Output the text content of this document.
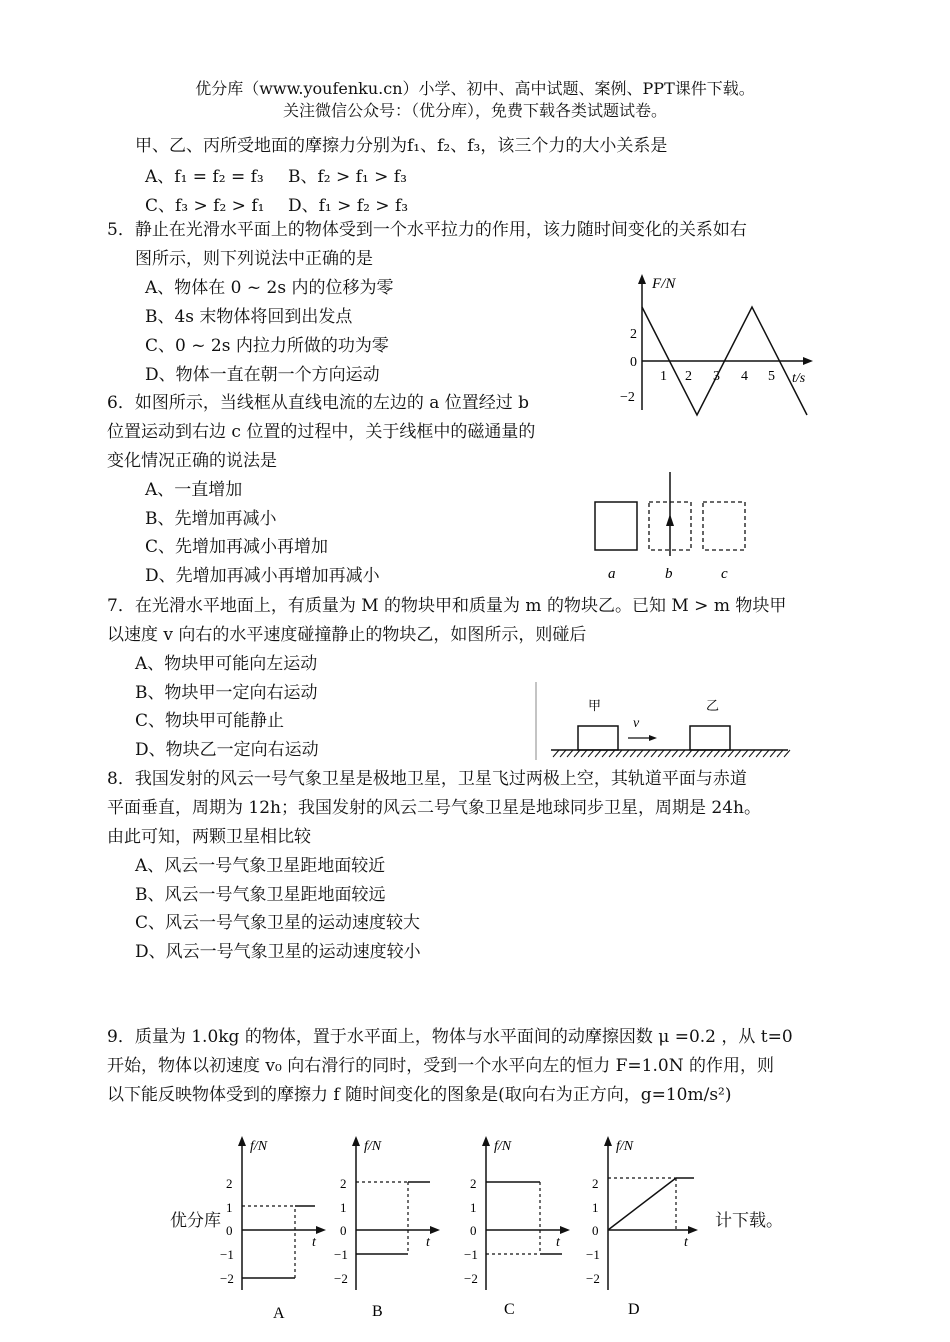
优分库（www.youfenku.cn）小学、初中、高中试题、案例、PPT课件下载。
关注微信公众号：（优分库），免费下载各类试题试卷。
甲、乙、丙所受地面的摩擦力分别为f₁、f₂、f₃，该三个力的大小关系是
A、f₁ = f₂ = f₃ B、f₂ > f₁ > f₃
C、f₃ > f₂ > f₁ D、f₁ > f₂ > f₃
5．静止在光滑水平面上的物体受到一个水平拉力的作用，该力随时间变化的关系如右
图所示，则下列说法中正确的是
A、物体在 0 ~ 2s 内的位移为零
B、4s 末物体将回到出发点
C、0 ~ 2s 内拉力所做的功为零
D、物体一直在朝一个方向运动
F/N
t/s
2
0
−2
1 2 3 4 5
6．如图所示，当线框从直线电流的左边的 a 位置经过 b
位置运动到右边 c 位置的过程中，关于线框中的磁通量的
变化情况正确的说法是
A、一直增加
B、先增加再减小
C、先增加再减小再增加
D、先增加再减小再增加再减小	a	b	c
7．在光滑水平地面上，有质量为 M 的物块甲和质量为 m 的物块乙。已知 M > m 物块甲
以速度 v 向右的水平速度碰撞静止的物块乙，如图所示，则碰后
A、物块甲可能向左运动
B、物块甲一定向右运动
C、物块甲可能静止
D、物块乙一定向右运动
甲	乙
v
8．我国发射的风云一号气象卫星是极地卫星，卫星飞过两极上空，其轨道平面与赤道
平面垂直，周期为 12h；我国发射的风云二号气象卫星是地球同步卫星，周期是 24h。
由此可知，两颗卫星相比较
A、风云一号气象卫星距地面较近
B、风云一号气象卫星距地面较远
C、风云一号气象卫星的运动速度较大
D、风云一号气象卫星的运动速度较小
9．质量为 1.0kg 的物体，置于水平面上，物体与水平面间的动摩擦因数 μ =0.2 ，从 t=0
开始，物体以初速度 v₀ 向右滑行的同时，受到一个水平向左的恒力 F=1.0N 的作用，则
以下能反映物体受到的摩擦力 f 随时间变化的图象是(取向右为正方向，g=10m/s²)
优分库	计下载。
f/N
t
2
1
0
−1
−2
A
f/N
t
2
1
0
−1
−2
B
f/N
t
2
1
0
−1
−2
C
f/N
t
2
1
0
−1
−2
D
